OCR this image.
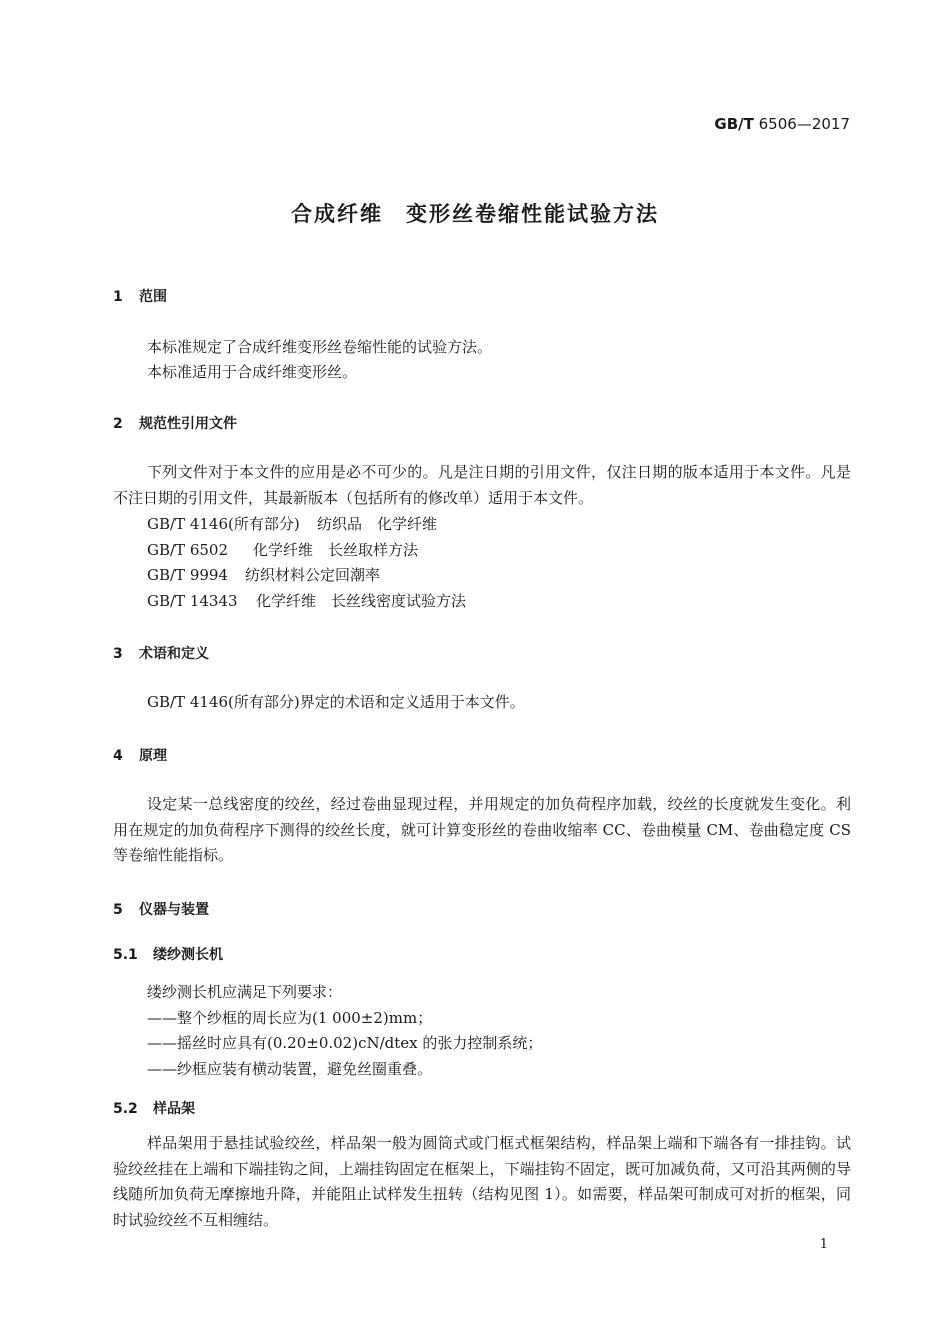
GB/T 6506—2017
合成纤维　变形丝卷缩性能试验方法
1 范围
本标准规定了合成纤维变形丝卷缩性能的试验方法。
本标准适用于合成纤维变形丝。
2 规范性引用文件
下列文件对于本文件的应用是必不可少的。凡是注日期的引用文件，仅注日期的版本适用于本文件。凡是不注日期的引用文件，其最新版本（包括所有的修改单）适用于本文件。
GB/T 4146(所有部分) 纺织品　化学纤维
GB/T 6502 化学纤维　长丝取样方法
GB/T 9994 纺织材料公定回潮率
GB/T 14343 化学纤维　长丝线密度试验方法
3 术语和定义
GB/T 4146(所有部分)界定的术语和定义适用于本文件。
4 原理
设定某一总线密度的绞丝，经过卷曲显现过程，并用规定的加负荷程序加载，绞丝的长度就发生变化。利用在规定的加负荷程序下测得的绞丝长度，就可计算变形丝的卷曲收缩率 CC、卷曲模量 CM、卷曲稳定度 CS 等卷缩性能指标。
5 仪器与装置
5.1 缕纱测长机
缕纱测长机应满足下列要求：
——整个纱框的周长应为(1 000±2)mm；
——摇丝时应具有(0.20±0.02)cN/dtex 的张力控制系统；
——纱框应装有横动装置，避免丝圈重叠。
5.2 样品架
样品架用于悬挂试验绞丝，样品架一般为圆筒式或门框式框架结构，样品架上端和下端各有一排挂钩。试验绞丝挂在上端和下端挂钩之间，上端挂钩固定在框架上，下端挂钩不固定，既可加减负荷，又可沿其两侧的导线随所加负荷无摩擦地升降，并能阻止试样发生扭转（结构见图 1）。如需要，样品架可制成可对折的框架，同时试验绞丝不互相缠结。
1
